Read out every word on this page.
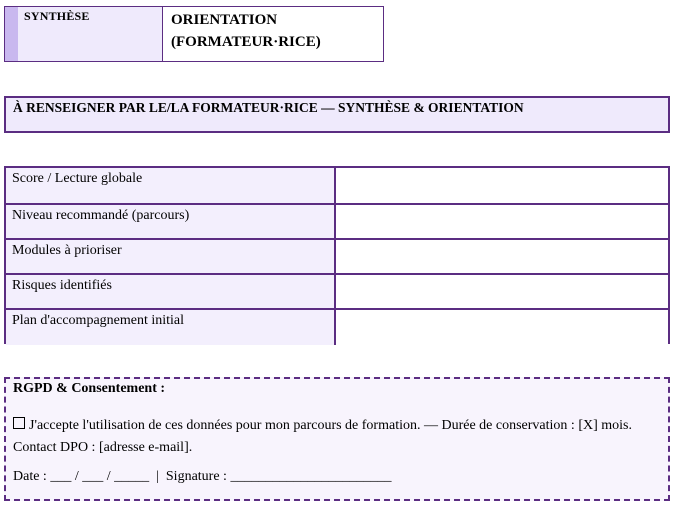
SYNTHÈSE	ORIENTATION
(FORMATEUR·RICE)
À RENSEIGNER PAR LE/LA FORMATEUR·RICE — SYNTHÈSE & ORIENTATION
Score / Lecture globale
Niveau recommandé (parcours)
Modules à prioriser
Risques identifiés
Plan d'accompagnement initial
RGPD & Consentement :
J'accepte l'utilisation de ces données pour mon parcours de formation. — Durée de conservation : [X] mois. Contact DPO : [adresse e-mail].
Date : ___ / ___ / _____  |  Signature : _______________________
